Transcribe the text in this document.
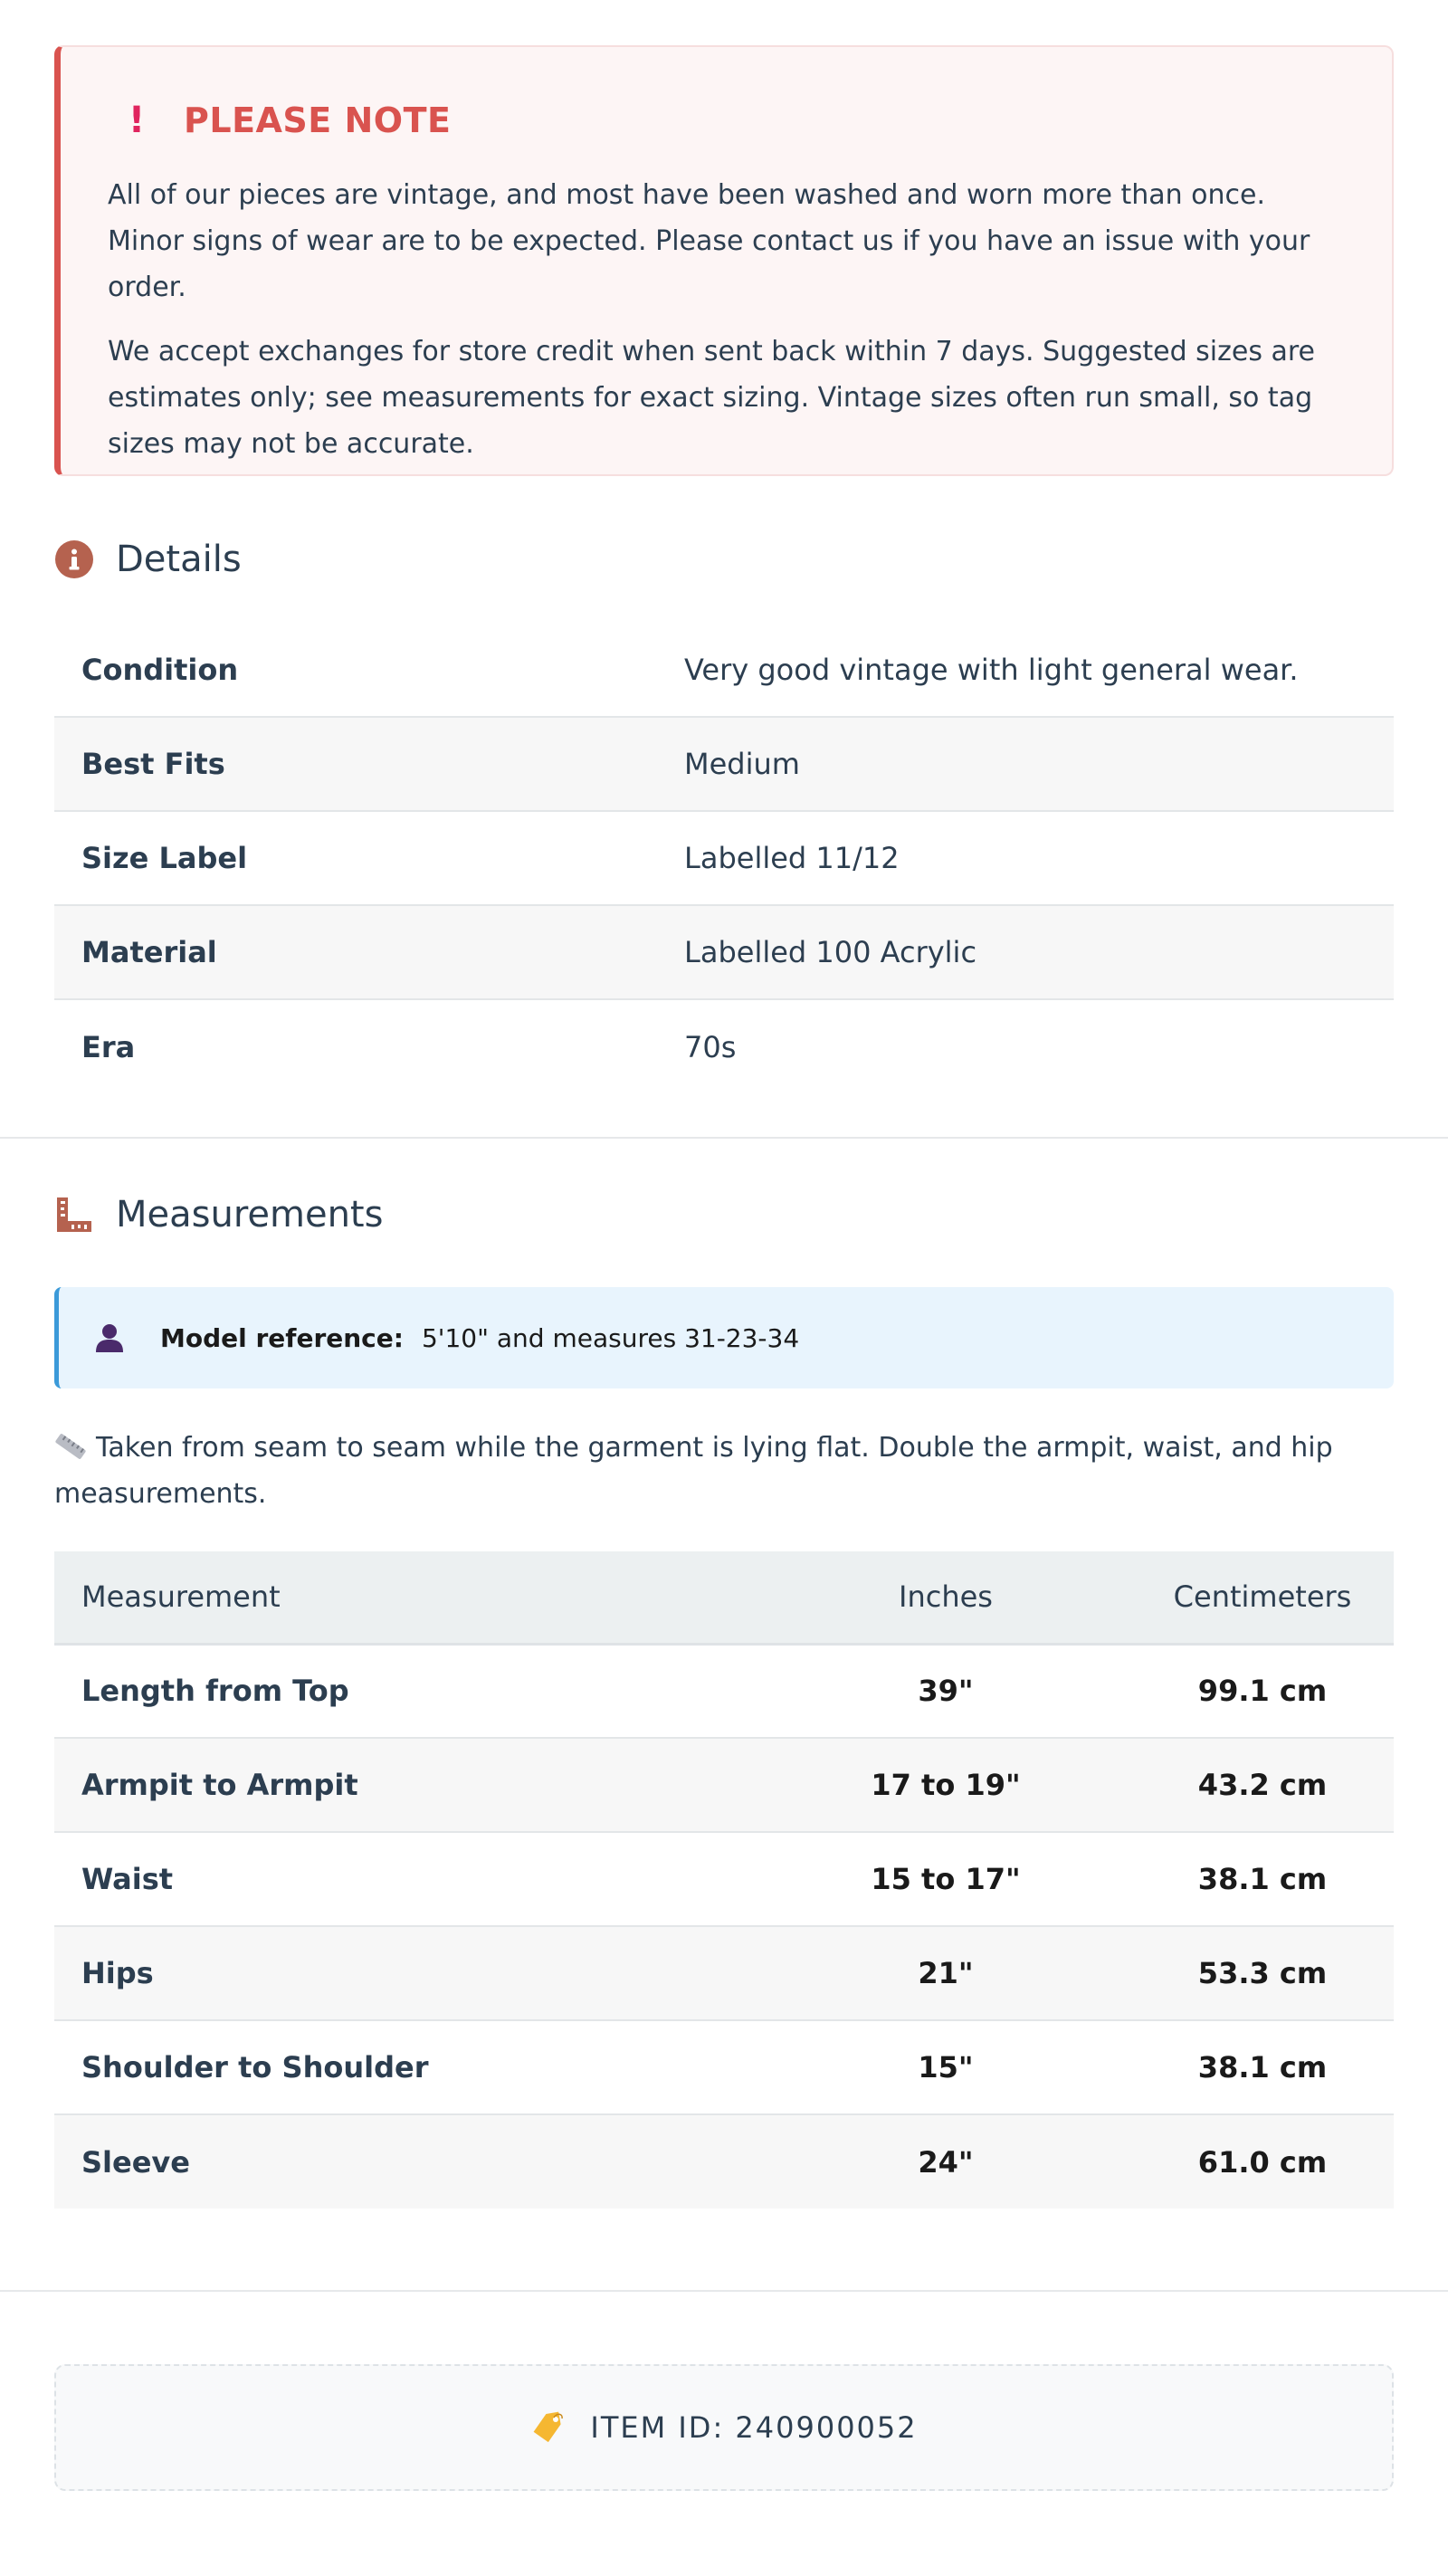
! PLEASE NOTE

All of our pieces are vintage, and most have been washed and worn more than once. Minor signs of wear are to be expected. Please contact us if you have an issue with your order.

We accept exchanges for store credit when sent back within 7 days. Suggested sizes are estimates only; see measurements for exact sizing. Vintage sizes often run small, so tag sizes may not be accurate.

Details
Condition	Very good vintage with light general wear.
Best Fits	Medium
Size Label	Labelled 11/12
Material	Labelled 100 Acrylic
Era	70s
Measurements
Model reference: 5'10" and measures 31-23-34

Taken from seam to seam while the garment is lying flat. Double the armpit, waist, and hip measurements.

Measurement	Inches	Centimeters
Length from Top	39"	99.1 cm
Armpit to Armpit	17 to 19"	43.2 cm
Waist	15 to 17"	38.1 cm
Hips	21"	53.3 cm
Shoulder to Shoulder	15"	38.1 cm
Sleeve	24"	61.0 cm
ITEM ID: 240900052
